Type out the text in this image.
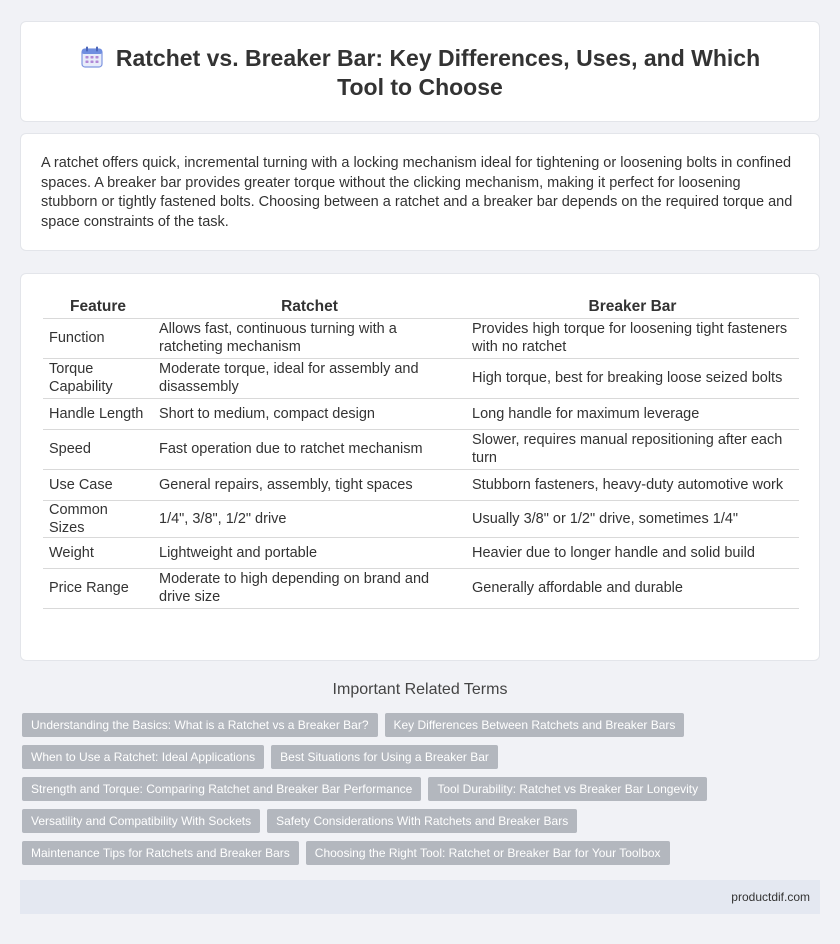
Ratchet vs. Breaker Bar: Key Differences, Uses, and Which Tool to Choose

A ratchet offers quick, incremental turning with a locking mechanism ideal for tightening or loosening bolts in confined spaces. A breaker bar provides greater torque without the clicking mechanism, making it perfect for loosening stubborn or tightly fastened bolts. Choosing between a ratchet and a breaker bar depends on the required torque and space constraints of the task.

Feature	Ratchet	Breaker Bar
Function	Allows fast, continuous turning with a ratcheting mechanism	Provides high torque for loosening tight fasteners with no ratchet
Torque Capability	Moderate torque, ideal for assembly and disassembly	High torque, best for breaking loose seized bolts
Handle Length	Short to medium, compact design	Long handle for maximum leverage
Speed	Fast operation due to ratchet mechanism	Slower, requires manual repositioning after each turn
Use Case	General repairs, assembly, tight spaces	Stubborn fasteners, heavy-duty automotive work
Common Sizes	1/4", 3/8", 1/2" drive	Usually 3/8" or 1/2" drive, sometimes 1/4"
Weight	Lightweight and portable	Heavier due to longer handle and solid build
Price Range	Moderate to high depending on brand and drive size	Generally affordable and durable
Important Related Terms
Understanding the Basics: What is a Ratchet vs a Breaker Bar?	Key Differences Between Ratchets and Breaker Bars
When to Use a Ratchet: Ideal Applications	Best Situations for Using a Breaker Bar
Strength and Torque: Comparing Ratchet and Breaker Bar Performance	Tool Durability: Ratchet vs Breaker Bar Longevity
Versatility and Compatibility With Sockets	Safety Considerations With Ratchets and Breaker Bars
Maintenance Tips for Ratchets and Breaker Bars	Choosing the Right Tool: Ratchet or Breaker Bar for Your Toolbox
productdif.com
